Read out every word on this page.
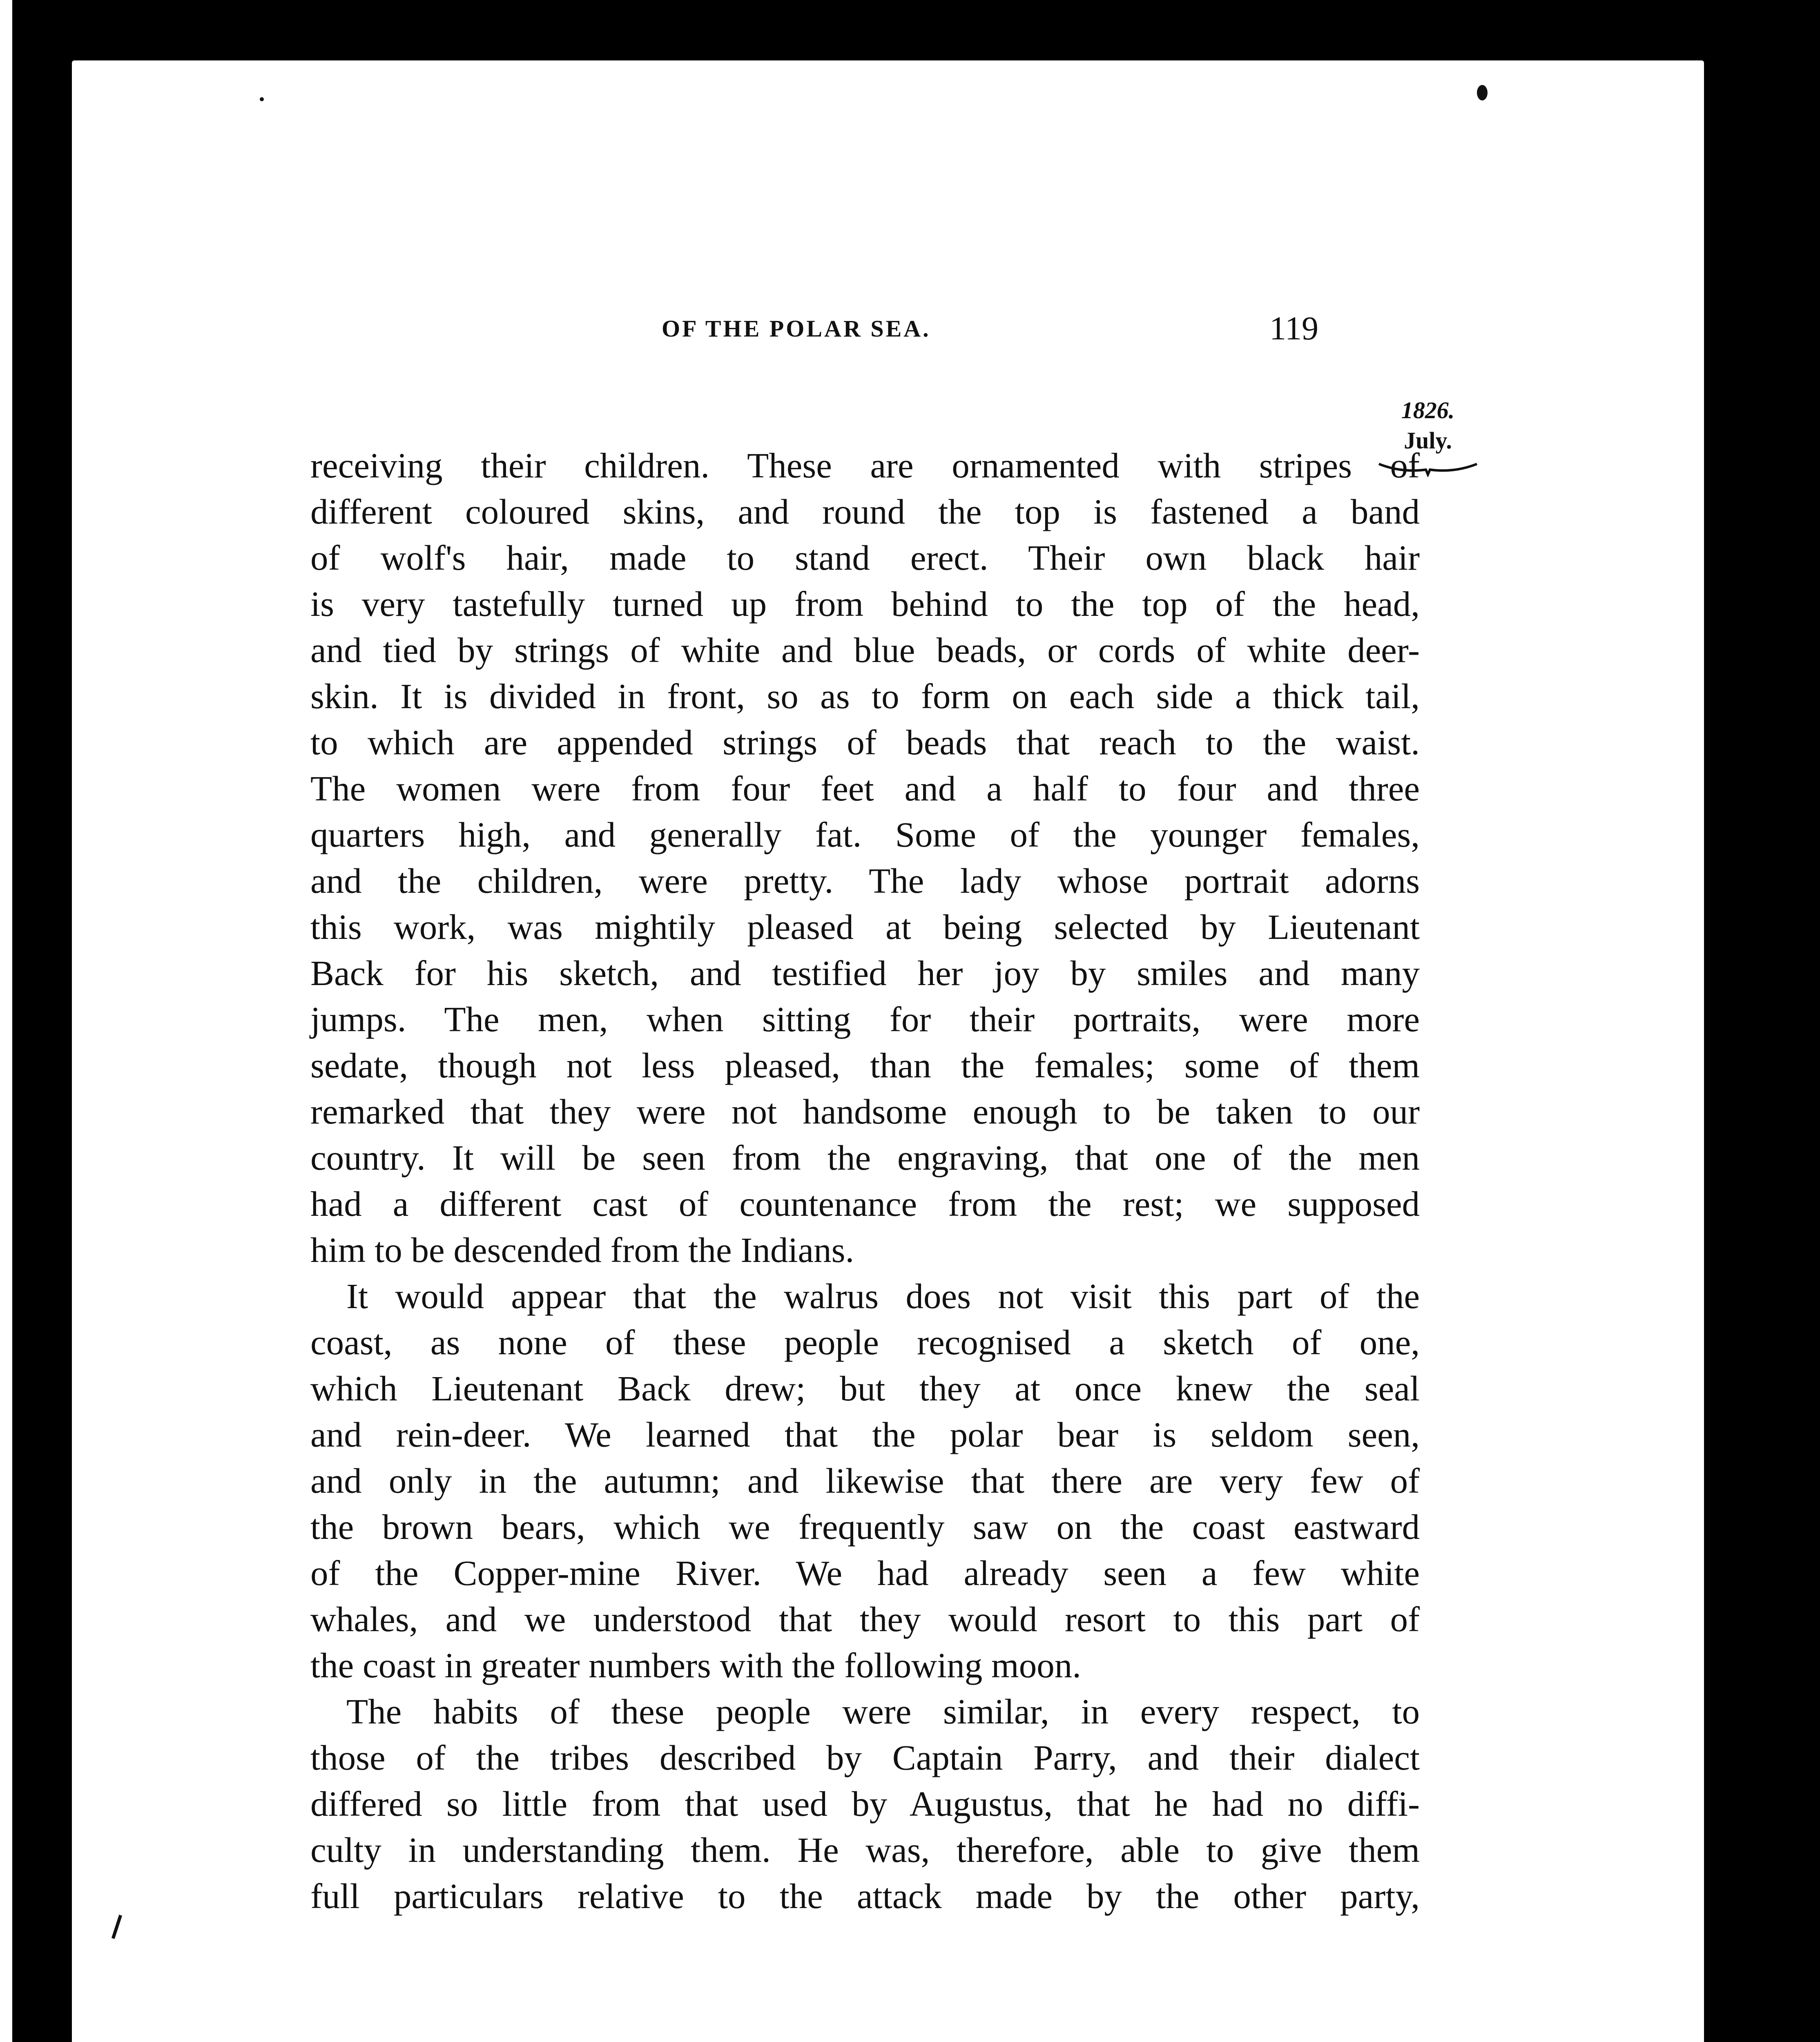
OF THE POLAR SEA.	119
1826.
July.
receiving their children. These are ornamented with stripes of
different coloured skins, and round the top is fastened a band
of wolf's hair, made to stand erect. Their own black hair
is very tastefully turned up from behind to the top of the head,
and tied by strings of white and blue beads, or cords of white deer-
skin. It is divided in front, so as to form on each side a thick tail,
to which are appended strings of beads that reach to the waist.
The women were from four feet and a half to four and three
quarters high, and generally fat. Some of the younger females,
and the children, were pretty. The lady whose portrait adorns
this work, was mightily pleased at being selected by Lieutenant
Back for his sketch, and testified her joy by smiles and many
jumps. The men, when sitting for their portraits, were more
sedate, though not less pleased, than the females; some of them
remarked that they were not handsome enough to be taken to our
country. It will be seen from the engraving, that one of the men
had a different cast of countenance from the rest; we supposed
him to be descended from the Indians.
It would appear that the walrus does not visit this part of the
coast, as none of these people recognised a sketch of one,
which Lieutenant Back drew; but they at once knew the seal
and rein-deer. We learned that the polar bear is seldom seen,
and only in the autumn; and likewise that there are very few of
the brown bears, which we frequently saw on the coast eastward
of the Copper-mine River. We had already seen a few white
whales, and we understood that they would resort to this part of
the coast in greater numbers with the following moon.
The habits of these people were similar, in every respect, to
those of the tribes described by Captain Parry, and their dialect
differed so little from that used by Augustus, that he had no diffi-
culty in understanding them. He was, therefore, able to give them
full particulars relative to the attack made by the other party,
